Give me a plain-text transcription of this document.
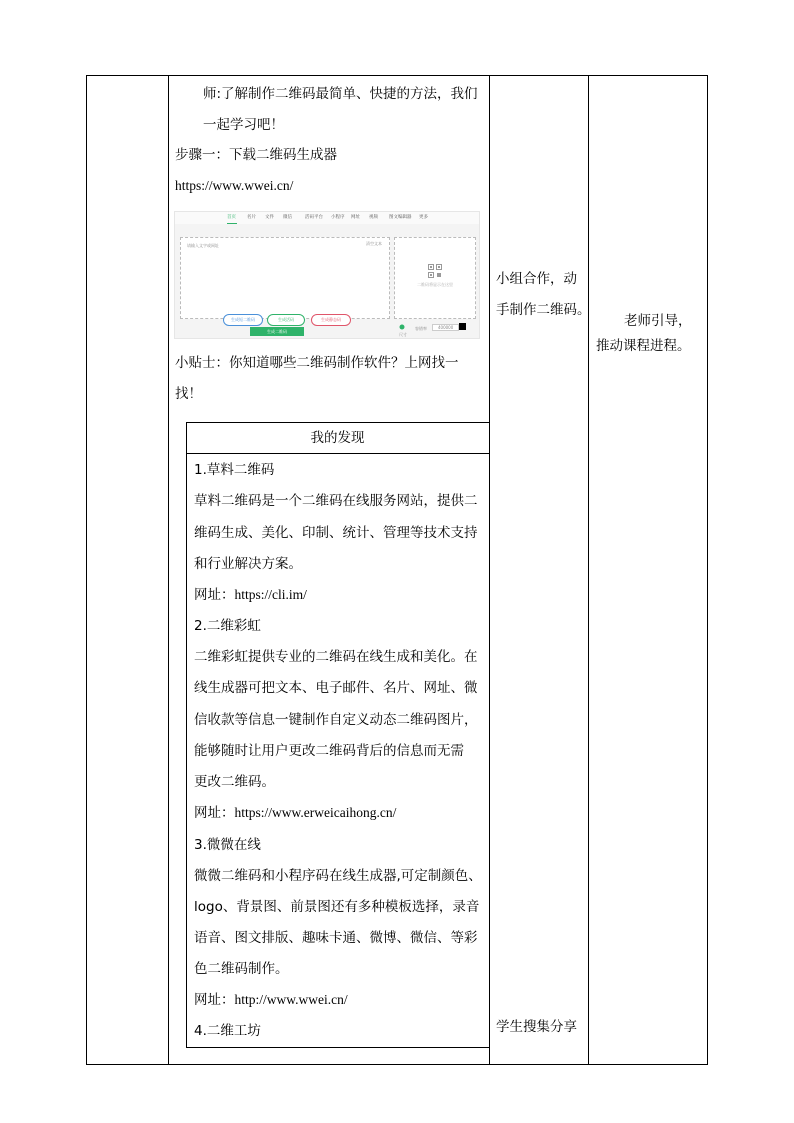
师:了解制作二维码最简单、快捷的方法，我们
一起学习吧！
步骤一：下载二维码生成器
https://www.wwei.cn/
首页 名片 文件 微信	活码平台 小程序 网址 视频 图文编辑器 更多
请输入文字或网址	清空文本
生成短二维码	生成活码	生成静态码
二维码将显示在这里
生成二维码
尺寸
容错率	400000
小贴士：你知道哪些二维码制作软件？上网找一
找！
我的发现
1.草料二维码
草料二维码是一个二维码在线服务网站，提供二
维码生成、美化、印制、统计、管理等技术支持
和行业解决方案。
网址：https://cli.im/
2.二维彩虹
二维彩虹提供专业的二维码在线生成和美化。在
线生成器可把文本、电子邮件、名片、网址、微
信收款等信息一键制作自定义动态二维码图片，
能够随时让用户更改二维码背后的信息而无需
更改二维码。
网址：https://www.erweicaihong.cn/
3.微微在线
微微二维码和小程序码在线生成器,可定制颜色、
logo、背景图、前景图还有多种模板选择，录音
语音、图文排版、趣味卡通、微博、微信、等彩
色二维码制作。
网址：http://www.wwei.cn/
4.二维工坊
小组合作，动
手制作二维码。
学生搜集分享
老师引导，
推动课程进程。
